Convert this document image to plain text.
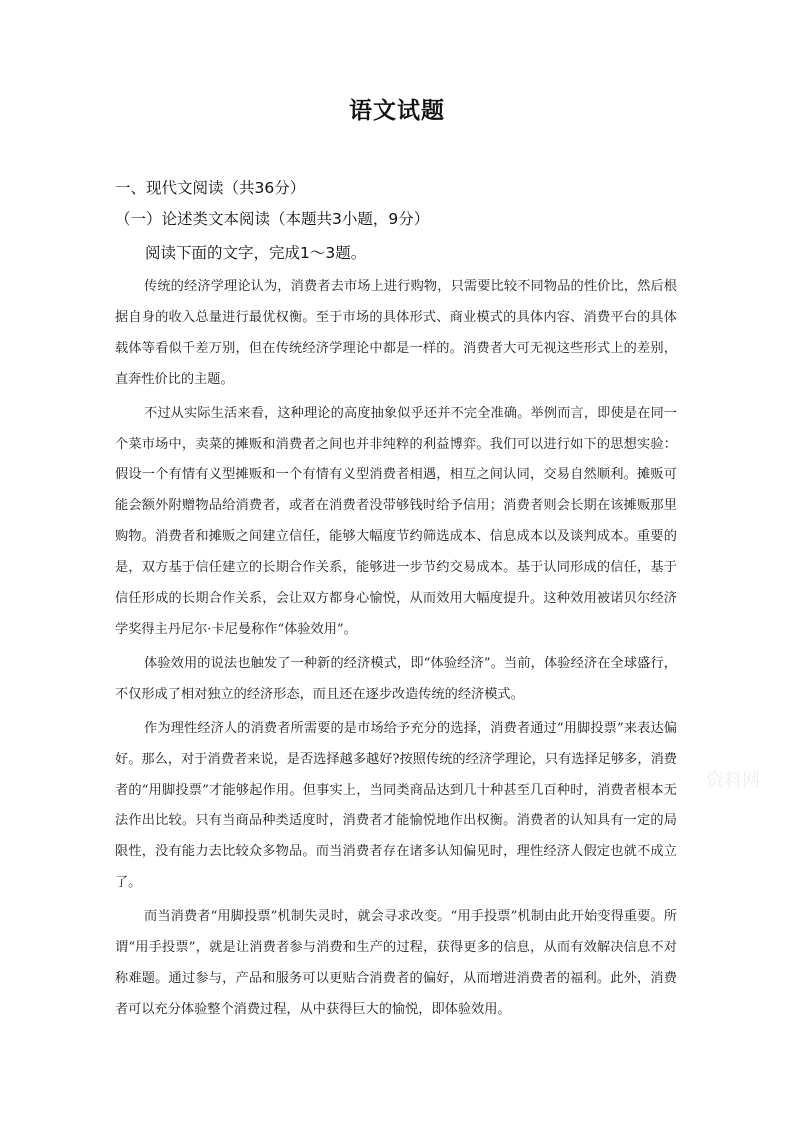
语文试题

一、现代文阅读（共36分）

（一）论述类文本阅读（本题共3小题，9分）

阅读下面的文字，完成1～3题。

传统的经济学理论认为，消费者去市场上进行购物，只需要比较不同物品的性价比，然后根据自身的收入总量进行最优权衡。至于市场的具体形式、商业模式的具体内容、消费平台的具体载体等看似千差万别，但在传统经济学理论中都是一样的。消费者大可无视这些形式上的差别，直奔性价比的主题。

不过从实际生活来看，这种理论的高度抽象似乎还并不完全准确。举例而言，即使是在同一个菜市场中，卖菜的摊贩和消费者之间也并非纯粹的利益博弈。我们可以进行如下的思想实验：假设一个有情有义型摊贩和一个有情有义型消费者相遇，相互之间认同，交易自然顺利。摊贩可能会额外附赠物品给消费者，或者在消费者没带够钱时给予信用；消费者则会长期在该摊贩那里购物。消费者和摊贩之间建立信任，能够大幅度节约筛选成本、信息成本以及谈判成本。重要的是，双方基于信任建立的长期合作关系，能够进一步节约交易成本。基于认同形成的信任，基于信任形成的长期合作关系，会让双方都身心愉悦，从而效用大幅度提升。这种效用被诺贝尔经济学奖得主丹尼尔·卡尼曼称作“体验效用”。

体验效用的说法也触发了一种新的经济模式，即“体验经济”。当前，体验经济在全球盛行，不仅形成了相对独立的经济形态，而且还在逐步改造传统的经济模式。

作为理性经济人的消费者所需要的是市场给予充分的选择，消费者通过“用脚投票”来表达偏好。那么，对于消费者来说，是否选择越多越好?按照传统的经济学理论，只有选择足够多，消费者的“用脚投票”才能够起作用。但事实上，当同类商品达到几十种甚至几百种时，消费者根本无法作出比较。只有当商品种类适度时，消费者才能愉悦地作出权衡。消费者的认知具有一定的局限性，没有能力去比较众多物品。而当消费者存在诸多认知偏见时，理性经济人假定也就不成立了。

而当消费者“用脚投票”机制失灵时，就会寻求改变。“用手投票”机制由此开始变得重要。所谓“用手投票”，就是让消费者参与消费和生产的过程，获得更多的信息，从而有效解决信息不对称难题。通过参与，产品和服务可以更贴合消费者的偏好，从而增进消费者的福利。此外，消费者可以充分体验整个消费过程，从中获得巨大的愉悦，即体验效用。

资料网
